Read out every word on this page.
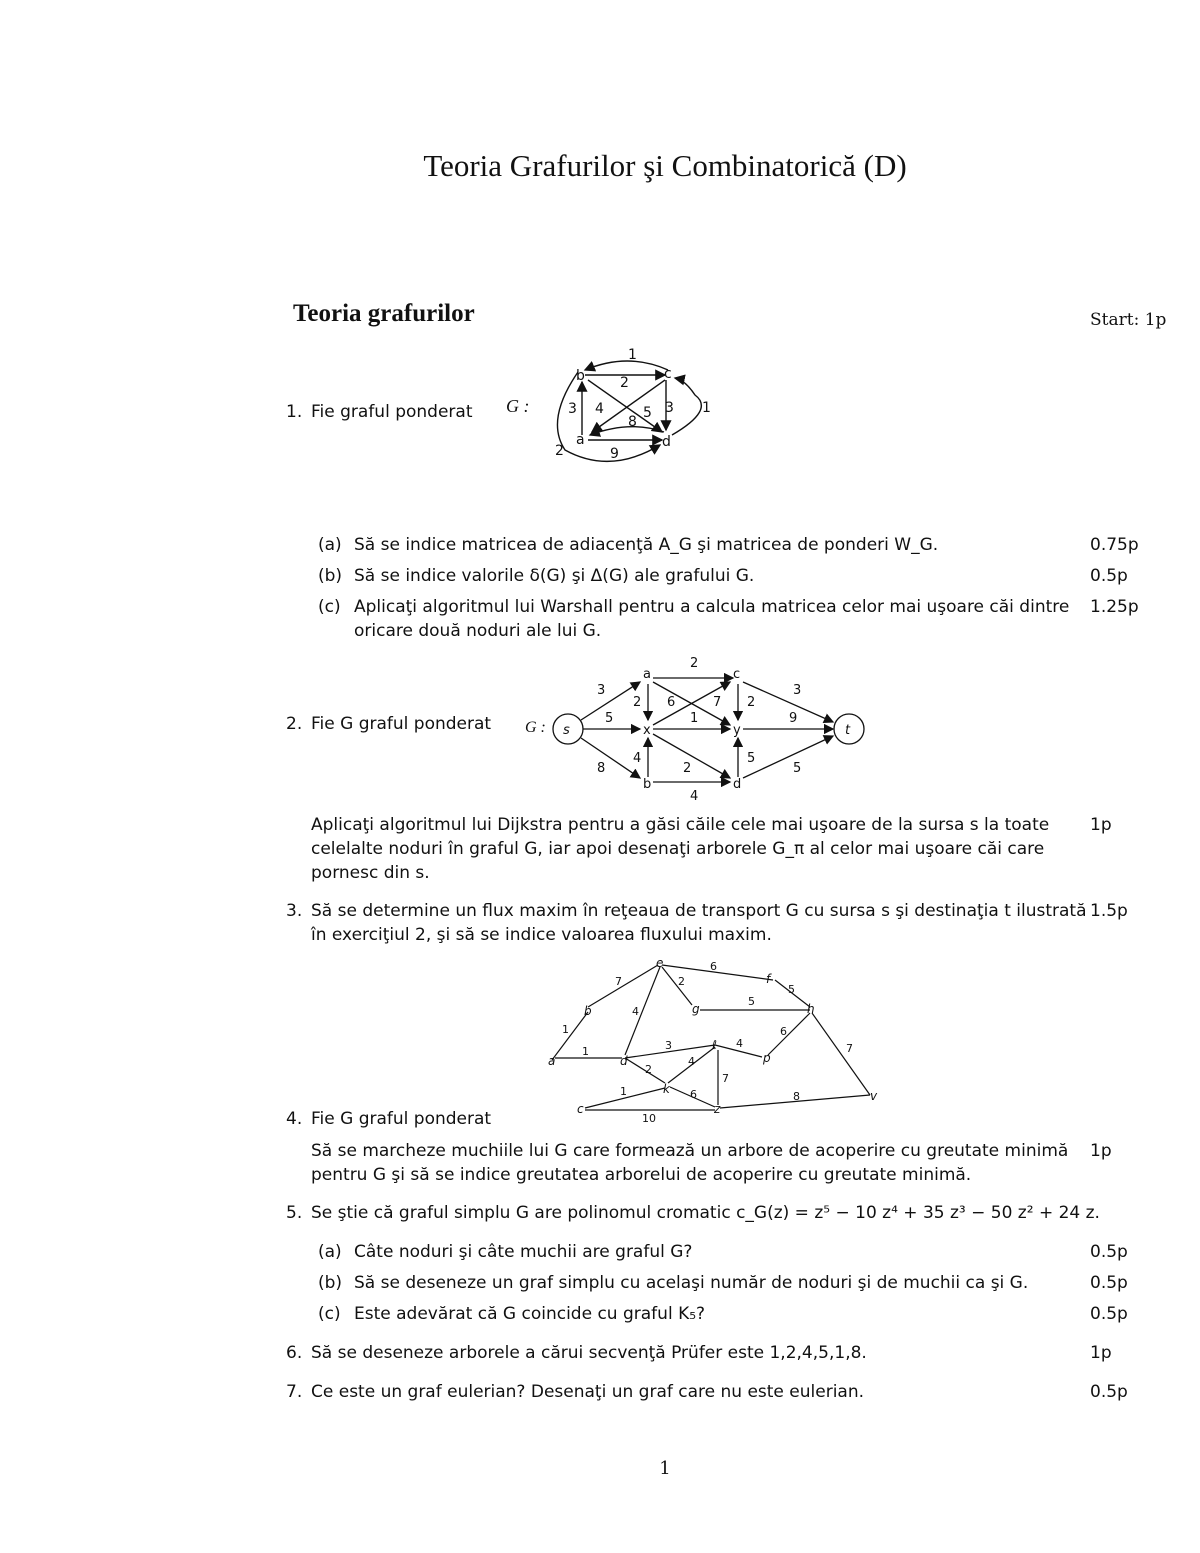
Teoria Grafurilor şi Combinatorică (D)
Teoria grafurilor	Start: 1p
1. Fie graful ponderat G :
b	c
a	d
1
2
3 4
8
5 3 1
2	9
(a) Să se indice matricea de adiacenţă A_G şi matricea de ponderi W_G.	0.75p
(b) Să se indice valorile δ(G) şi Δ(G) ale grafului G.	0.5p
(c) Aplicaţi algoritmul lui Warshall pentru a calcula matricea celor mai uşoare căi dintre
oricare două noduri ale lui G.
1.25p
2. Fie G graful ponderat G : s
a
x
b
c
y
d
t
3
5
8
2
2 6	7
1
4
2
4
2
3
9
5
5
Aplicaţi algoritmul lui Dijkstra pentru a găsi căile cele mai uşoare de la sursa s la toate
celelalte noduri în graful G, iar apoi desenaţi arborele G_π al celor mai uşoare căi care
pornesc din s.
1p
3. Să se determine un flux maxim în reţeaua de transport G cu sursa s şi destinaţia t ilustrată
în exerciţiul 2, şi să se indice valoarea fluxului maxim.
1.5p
a
b
c
d
e
f
g	h
k
ℓ
p
v
z
1
7
6
2
5
5
4
1	3
2
4
4
6
1
6
7
7
8
10
4. Fie G graful ponderat
Să se marcheze muchiile lui G care formează un arbore de acoperire cu greutate minimă
pentru G şi să se indice greutatea arborelui de acoperire cu greutate minimă.
1p
5. Se ştie că graful simplu G are polinomul cromatic c_G(z) = z⁵ − 10 z⁴ + 35 z³ − 50 z² + 24 z.
(a) Câte noduri şi câte muchii are graful G?	0.5p
(b) Să se deseneze un graf simplu cu acelaşi număr de noduri şi de muchii ca şi G.	0.5p
(c) Este adevărat că G coincide cu graful K₅?	0.5p
6. Să se deseneze arborele a cărui secvenţă Prüfer este 1,2,4,5,1,8.	1p
7. Ce este un graf eulerian? Desenaţi un graf care nu este eulerian.	0.5p
1
